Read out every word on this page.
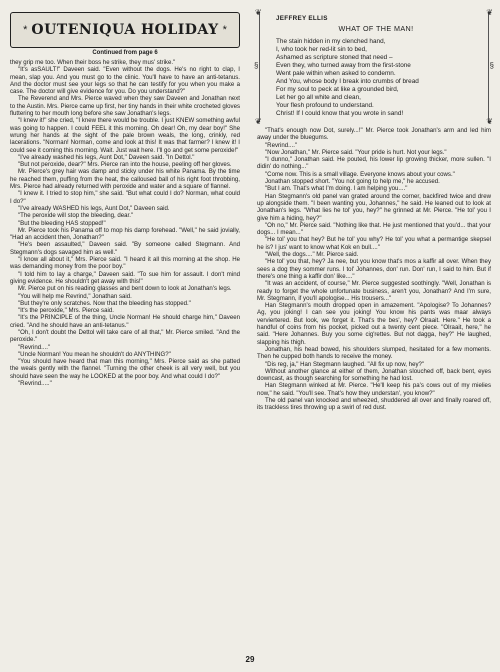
* OUTENIQUA HOLIDAY *
Continued from page 6

they grip me too. When their boss he strike, they mus' strike."

"It's asSAULT!" Daveen said. "Even without the dogs. He's no right to clap, I mean, slap you. And you must go to the clinic. You'll have to have an anti-tetanus. And the doctor must see your legs so that he can testify for you when you make a case. The doctor will give evidence for you. Do you understand?"

The Reverend and Mrs. Pierce waved when they saw Daveen and Jonathan next to the Austin. Mrs. Pierce came up first, her tiny hands in their white crocheted gloves fluttering to her mouth long before she saw Jonathan's legs.

"I knew it!" she cried, "I knew there would be trouble. I just KNEW something awful was going to happen. I could FEEL it this morning. Oh dear! Oh, my dear boy!" She wrung her hands at the sight of the pale brown weals, the long, crinkly, red lacerations. "Norman! Norman, come and look at this! It was that farmer? I knew it! I could see it coming this morning. Wait. Just wait here. I'll go and get some peroxide!"

"I've already washed his legs, Aunt Dot," Daveen said. "In Dettol."

"But not peroxide, dear?" Mrs. Pierce ran into the house, peeling off her gloves.

Mr. Pierce's grey hair was damp and sticky under his white Panama. By the time he reached them, puffing from the heat, the calloused ball of his right foot throbbing, Mrs. Pierce had already returned with peroxide and water and a square of flannel.

"I knew it. I tried to stop him," she said. "But what could I do? Norman, what could I do?"

"I've already WASHED his legs, Aunt Dot," Daveen said.

"The peroxide will stop the bleeding, dear."

"But the bleeding HAS stopped!"

Mr. Pierce took his Panama off to mop his damp forehead. "Well," he said jovially, "Had an accident then, Jonathan?"

"He's been assaulted," Daveen said. "By someone called Stegmann. And Stegmann's dogs savaged him as well."

"I know all about it," Mrs. Pierce said. "I heard it all this morning at the shop. He was demanding money from the poor boy."

"I told him to lay a charge," Daveen said. "To sue him for assault. I don't mind giving evidence. He shouldn't get away with this!"

Mr. Pierce put on his reading glasses and bent down to look at Jonathan's legs.

"You will help me Revrind," Jonathan said.

"But they're only scratches. Now that the bleeding has stopped."

"It's the peroxide," Mrs. Pierce said.

"It's the PRINCIPLE of the thing, Uncle Norman! He should charge him," Daveen cried. "And he should have an anti-tetanus."

"Oh, I don't doubt the Dettol will take care of all that," Mr. Pierce smiled. "And the peroxide."

"Revrind...."

"Uncle Norman! You mean he shouldn't do ANYTHING?"

"You should have heard that man this morning," Mrs. Pierce said as she patted the weals gently with the flannel. "Turning the other cheek is all very well, but you should have seen the way he LOOKED at the poor boy. And what could I do?"

"Revrind....."

❦	❦
§	§
❦	❦
JEFFREY ELLIS
WHAT OF THE MAN!
The stain hidden in my clenched hand,
I, who took her red-lit sin to bed,
Ashamed as scripture stoned that need –
Even they, who turned away from the first-stone
Went pale within when asked to condemn.
And You, whose body I break into crumbs of bread
For my soul to peck at like a grounded bird,
Let her go all white and clean,
Your flesh profound to understand.
Christ! If I could know that you wrote in sand!

"That's enough now Dot, surely...!" Mr. Pierce took Jonathan's arm and led him away under the bluegums.

"Revrind...."

"Now Jonathan," Mr. Pierce said. "Your pride is hurt. Not your legs."

"I dunno," Jonathan said. He pouted, his lower lip growing thicker, more sullen. "I didin' do nothing..."

"Come now. This is a small village. Everyone knows about your cows."

Jonathan stopped short. "You not going to help me," he accused.

"But I am. That's what I'm doing. I am helping you...."

Han Stegmann's old panel van grated around the corner, backfired twice and drew up alongside them. "I been wanting you, Johannes," he said. He leaned out to look at Jonathan's legs. "What lies he tol' you, hey?" he grinned at Mr. Pierce. "He tol' you I give him a hiding, hey?"

"Oh no," Mr. Pierce said. "Nothing like that. He just mentioned that you'd... that your dogs... I mean..."

"He tol' you that hey? But he tol' you why? He tol' you what a permantige skepsel he is? I jus' want to know what Kok en bull...."

"Well, the dogs...." Mr. Pierce said.

"He tol' you that, hey? Ja nee, but you know that's mos a kaffir all over. When they sees a dog they sommer runs. I tol' Johannes, don' run. Don' run, I said to him. But if there's one thing a kaffir don' like...."

"It was an accident, of course," Mr. Pierce suggested soothingly. "Well, Jonathan is ready to forget the whole unfortunate business, aren't you, Jonathan? And I'm sure, Mr. Stegmann, if you'll apologise... His trousers..."

Han Stegmann's mouth dropped open in amazement. "Apologise? To Johannes? Ag, you joking! I can see you joking! You know his pants was maar always verviertered. But look, we forget it. That's the bes', hey? Olraait. Here." He took a handful of coins from his pocket, picked out a twenty cent piece. "Olraait, here," he said. "Here Johannes. Buy you some cig'rettes. But not dagga, hey?" He laughed, slapping his thigh.

Jonathan, his head bowed, his shoulders slumped, hesitated for a few moments. Then he cupped both hands to receive the money.

"Dis reg, ja," Han Stegmann laughed. "All fix up now, hey?"

Without another glance at either of them, Jonathan slouched off, back bent, eyes downcast, as though searching for something he had lost.

Han Stegmann winked at Mr. Pierce. "He'll keep his pa's cows out of my mielies now," he said. "You'll see. That's how they understan', you know?"

The old panel van knocked and wheezed, shuddered all over and finally roared off, its trackless tires throwing up a swirl of red dust.

29
